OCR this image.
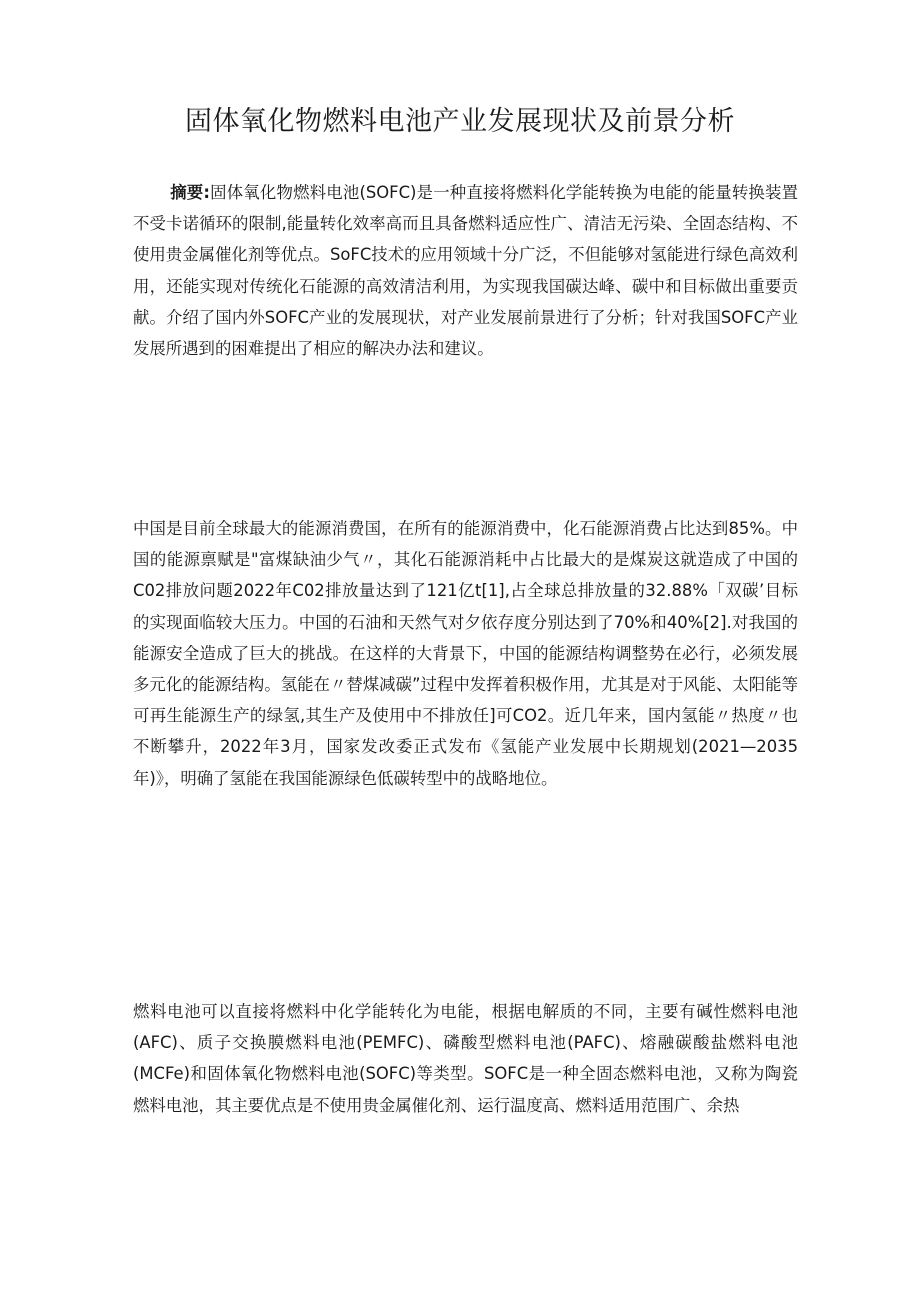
固体氧化物燃料电池产业发展现状及前景分析
摘要:固体氧化物燃料电池(SOFC)是一种直接将燃料化学能转换为电能的能量转换装置不受卡诺循环的限制,能量转化效率高而且具备燃料适应性广、清洁无污染、全固态结构、不使用贵金属催化剂等优点。SoFC技术的应用领域十分广泛，不但能够对氢能进行绿色高效利用，还能实现对传统化石能源的高效清洁利用，为实现我国碳达峰、碳中和目标做出重要贡献。介绍了国内外SOFC产业的发展现状，对产业发展前景进行了分析；针对我国SOFC产业发展所遇到的困难提出了相应的解决办法和建议。
中国是目前全球最大的能源消费国，在所有的能源消费中，化石能源消费占比达到85%。中国的能源禀赋是"富煤缺油少气〃，其化石能源消耗中占比最大的是煤炭这就造成了中国的C02排放问题2022年C02排放量达到了121亿t[1],占全球总排放量的32.88%「双碳’目标的实现面临较大压力。中国的石油和天然气对夕依存度分别达到了70%和40%[2].对我国的能源安全造成了巨大的挑战。在这样的大背景下，中国的能源结构调整势在必行，必须发展多元化的能源结构。氢能在〃替煤减碳”过程中发挥着积极作用，尤其是对于风能、太阳能等可再生能源生产的绿氢,其生产及使用中不排放任]可CO2。近几年来，国内氢能〃热度〃也不断攀升，2022年3月，国家发改委正式发布《氢能产业发展中长期规划(2021—2035年)》，明确了氢能在我国能源绿色低碳转型中的战略地位。
燃料电池可以直接将燃料中化学能转化为电能，根据电解质的不同，主要有碱性燃料电池(AFC)、质子交换膜燃料电池(PEMFC)、磷酸型燃料电池(PAFC)、熔融碳酸盐燃料电池(MCFe)和固体氧化物燃料电池(SOFC)等类型。SOFC是一种全固态燃料电池，又称为陶瓷燃料电池，其主要优点是不使用贵金属催化剂、运行温度高、燃料适用范围广、余热
